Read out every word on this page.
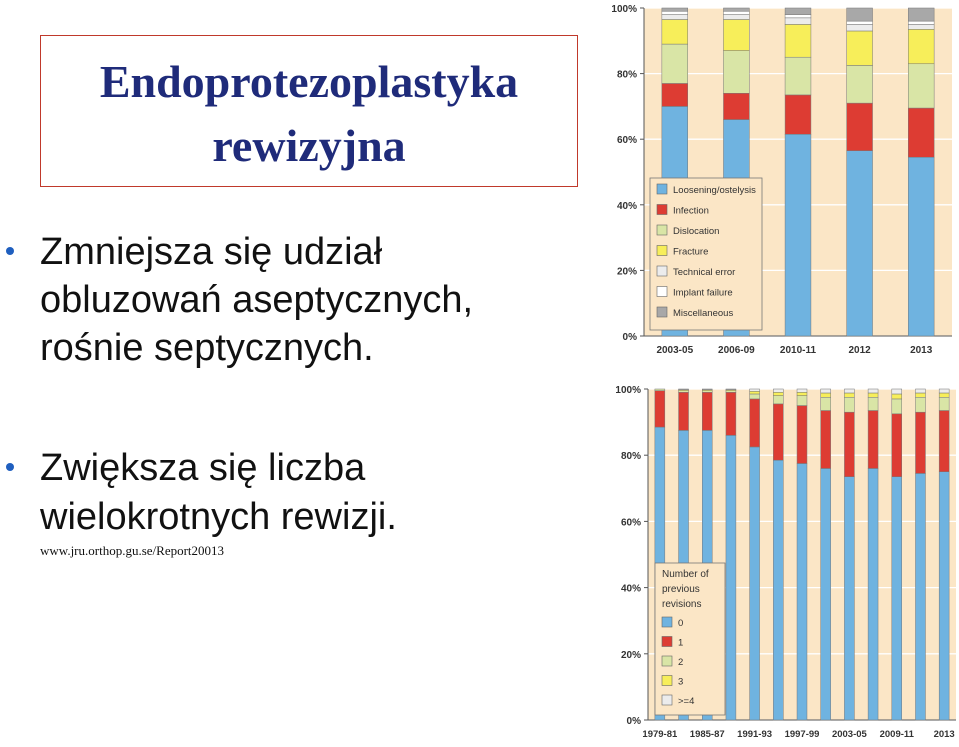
Endoprotezoplastyka
rewizyjna
Zmniejsza się udział
obluzowań aseptycznych,
rośnie septycznych.
Zwiększa się liczba
wielokrotnych rewizji.
www.jru.orthop.gu.se/Report20013
0%
20%
40%
60%
80%
100%
2003-05 2006-09	2010-11	2012	2013
Loosening/ostelysis
Infection
Dislocation
Fracture
Technical error
Implant failure
Miscellaneous
0%
20%
40%
60%
80%
100%
1979-81 1985-87 1991-93 1997-99 2003-05 2009-11 2013
Number of
previous
revisions
0
1
2
3
>=4
